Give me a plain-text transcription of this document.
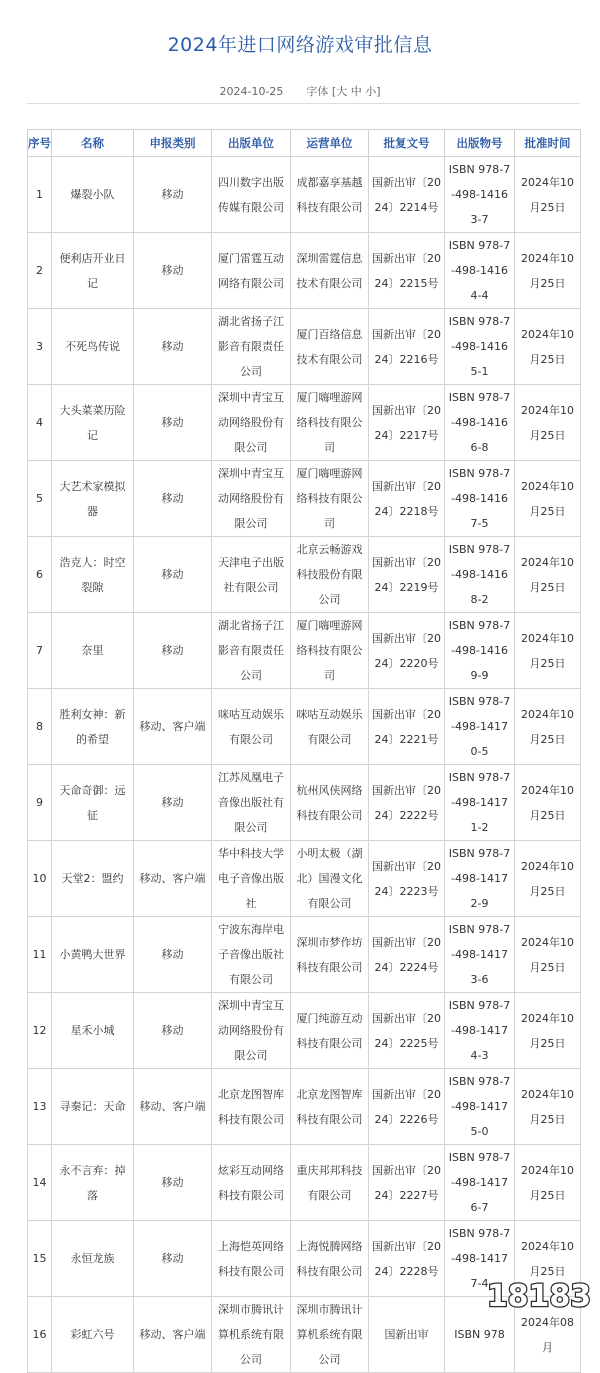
2024年进口网络游戏审批信息
2024-10-25 字体 [大 中 小]
序号	名称	申报类别	出版单位	运营单位	批复文号	出版物号	批准时间
1	爆裂小队	移动	四川数字出版传媒有限公司	成都嘉享基越科技有限公司	国新出审〔2024〕2214号	ISBN 978-7-498-14163-7	2024年10月25日
2	便利店开业日记	移动	厦门雷霆互动网络有限公司	深圳雷霆信息技术有限公司	国新出审〔2024〕2215号	ISBN 978-7-498-14164-4	2024年10月25日
3	不死鸟传说	移动	湖北省扬子江影音有限责任公司	厦门百络信息技术有限公司	国新出审〔2024〕2216号	ISBN 978-7-498-14165-1	2024年10月25日
4	大头菜菜历险记	移动	深圳中青宝互动网络股份有限公司	厦门嗨哩游网络科技有限公司	国新出审〔2024〕2217号	ISBN 978-7-498-14166-8	2024年10月25日
5	大艺术家模拟器	移动	深圳中青宝互动网络股份有限公司	厦门嗨哩游网络科技有限公司	国新出审〔2024〕2218号	ISBN 978-7-498-14167-5	2024年10月25日
6	浩克人：时空裂隙	移动	天津电子出版社有限公司	北京云畅游戏科技股份有限公司	国新出审〔2024〕2219号	ISBN 978-7-498-14168-2	2024年10月25日
7	奈里	移动	湖北省扬子江影音有限责任公司	厦门嗨哩游网络科技有限公司	国新出审〔2024〕2220号	ISBN 978-7-498-14169-9	2024年10月25日
8	胜利女神：新的希望	移动、客户端	咪咕互动娱乐有限公司	咪咕互动娱乐有限公司	国新出审〔2024〕2221号	ISBN 978-7-498-14170-5	2024年10月25日
9	天命奇御：远征	移动	江苏凤凰电子音像出版社有限公司	杭州风侠网络科技有限公司	国新出审〔2024〕2222号	ISBN 978-7-498-14171-2	2024年10月25日
10	天堂2：盟约	移动、客户端	华中科技大学电子音像出版社	小明太极（湖北）国漫文化有限公司	国新出审〔2024〕2223号	ISBN 978-7-498-14172-9	2024年10月25日
11	小黄鸭大世界	移动	宁波东海岸电子音像出版社有限公司	深圳市梦作坊科技有限公司	国新出审〔2024〕2224号	ISBN 978-7-498-14173-6	2024年10月25日
12	星禾小城	移动	深圳中青宝互动网络股份有限公司	厦门纯游互动科技有限公司	国新出审〔2024〕2225号	ISBN 978-7-498-14174-3	2024年10月25日
13	寻秦记：天命	移动、客户端	北京龙图智库科技有限公司	北京龙图智库科技有限公司	国新出审〔2024〕2226号	ISBN 978-7-498-14175-0	2024年10月25日
14	永不言弃：掉落	移动	炫彩互动网络科技有限公司	重庆邦邦科技有限公司	国新出审〔2024〕2227号	ISBN 978-7-498-14176-7	2024年10月25日
15	永恒龙族	移动	上海恺英网络科技有限公司	上海悦腾网络科技有限公司	国新出审〔2024〕2228号	ISBN 978-7-498-14177-4	2024年10月25日
16	彩虹六号	移动、客户端	深圳市腾讯计算机系统有限公司	深圳市腾讯计算机系统有限公司	国新出审	ISBN 978	2024年08月
18183
